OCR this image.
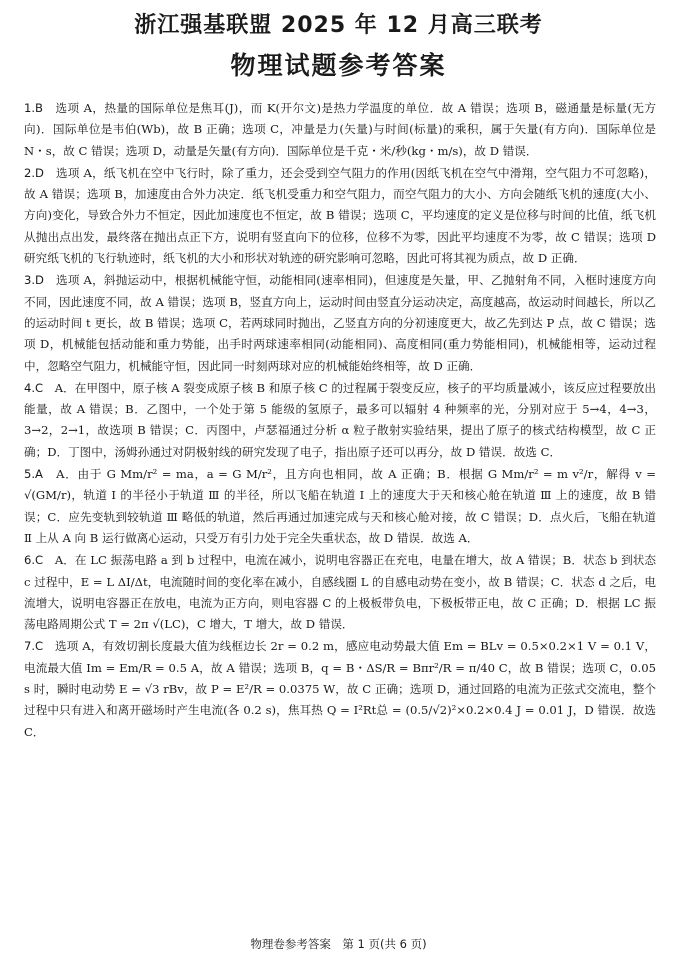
浙江强基联盟 2025 年 12 月高三联考
物理试题参考答案

1.B　 选项 A，热量的国际单位是焦耳(J)，而 K(开尔文)是热力学温度的单位．故 A 错误；选项 B，磁通量是标量(无方向)．国际单位是韦伯(Wb)，故 B 正确；选项 C，冲量是力(矢量)与时间(标量)的乘积，属于矢量(有方向)．国际单位是 N・s，故 C 错误；选项 D，动量是矢量(有方向)．国际单位是千克・米/秒(kg・m/s)，故 D 错误．

2.D　 选项 A，纸飞机在空中飞行时，除了重力，还会受到空气阻力的作用(因纸飞机在空气中滑翔，空气阻力不可忽略)，故 A 错误；选项 B，加速度由合外力决定．纸飞机受重力和空气阻力，而空气阻力的大小、方向会随纸飞机的速度(大小、方向)变化，导致合外力不恒定，因此加速度也不恒定，故 B 错误；选项 C，平均速度的定义是位移与时间的比值，纸飞机从抛出点出发，最终落在抛出点正下方，说明有竖直向下的位移，位移不为零，因此平均速度不为零，故 C 错误；选项 D 研究纸飞机的飞行轨迹时，纸飞机的大小和形状对轨迹的研究影响可忽略，因此可将其视为质点，故 D 正确．

3.D　 选项 A，斜抛运动中，根据机械能守恒，动能相同(速率相同)，但速度是矢量，甲、乙抛射角不同，入框时速度方向不同，因此速度不同，故 A 错误；选项 B，竖直方向上，运动时间由竖直分运动决定，高度越高，故运动时间越长，所以乙的运动时间 t 更长，故 B 错误；选项 C，若两球同时抛出，乙竖直方向的分初速度更大，故乙先到达 P 点，故 C 错误；选项 D，机械能包括动能和重力势能，出手时两球速率相同(动能相同)、高度相同(重力势能相同)，机械能相等，运动过程中，忽略空气阻力，机械能守恒，因此同一时刻两球对应的机械能始终相等，故 D 正确．

4.C　 A．在甲图中，原子核 A 裂变成原子核 B 和原子核 C 的过程属于裂变反应，核子的平均质量减小，该反应过程要放出能量，故 A 错误；B．乙图中，一个处于第 5 能级的氢原子，最多可以辐射 4 种频率的光，分别对应于 5→4，4→3，3→2，2→1，故选项 B 错误；C．丙图中，卢瑟福通过分析 α 粒子散射实验结果，提出了原子的核式结构模型，故 C 正确；D．丁图中，汤姆孙通过对阴极射线的研究发现了电子，指出原子还可以再分，故 D 错误．故选 C．

5.A　 A．由于 G Mm/r² = ma，a = G M/r²，且方向也相同，故 A 正确；B．根据 G Mm/r² = m v²/r，解得 v = √(GM/r)，轨道 Ⅰ 的半径小于轨道 Ⅲ 的半径，所以飞船在轨道 Ⅰ 上的速度大于天和核心舱在轨道 Ⅲ 上的速度，故 B 错误；C．应先变轨到较轨道 Ⅲ 略低的轨道，然后再通过加速完成与天和核心舱对接，故 C 错误；D．点火后，飞船在轨道 Ⅱ 上从 A 向 B 运行做离心运动，只受万有引力处于完全失重状态，故 D 错误．故选 A．

6.C　 A．在 LC 振荡电路 a 到 b 过程中，电流在减小，说明电容器正在充电，电量在增大，故 A 错误；B．状态 b 到状态 c 过程中，E = L ΔI/Δt，电流随时间的变化率在减小，自感线圈 L 的自感电动势在变小，故 B 错误；C．状态 d 之后，电流增大，说明电容器正在放电，电流为正方向，则电容器 C 的上极板带负电，下极板带正电，故 C 正确；D．根据 LC 振荡电路周期公式 T = 2π √(LC)，C 增大，T 增大，故 D 错误．

7.C　 选项 A，有效切割长度最大值为线框边长 2r = 0.2 m，感应电动势最大值 Em = BLv = 0.5×0.2×1 V = 0.1 V，电流最大值 Im = Em/R = 0.5 A，故 A 错误；选项 B，q = B・ΔS/R = Bπr²/R = π/40 C，故 B 错误；选项 C，0.05 s 时，瞬时电动势 E = √3 rBv，故 P = E²/R = 0.0375 W，故 C 正确；选项 D，通过回路的电流为正弦式交流电，整个过程中只有进入和离开磁场时产生电流(各 0.2 s)，焦耳热 Q = I²Rt总 = (0.5/√2)²×0.2×0.4 J = 0.01 J，D 错误．故选 C．

物理卷参考答案　第 1 页(共 6 页)
